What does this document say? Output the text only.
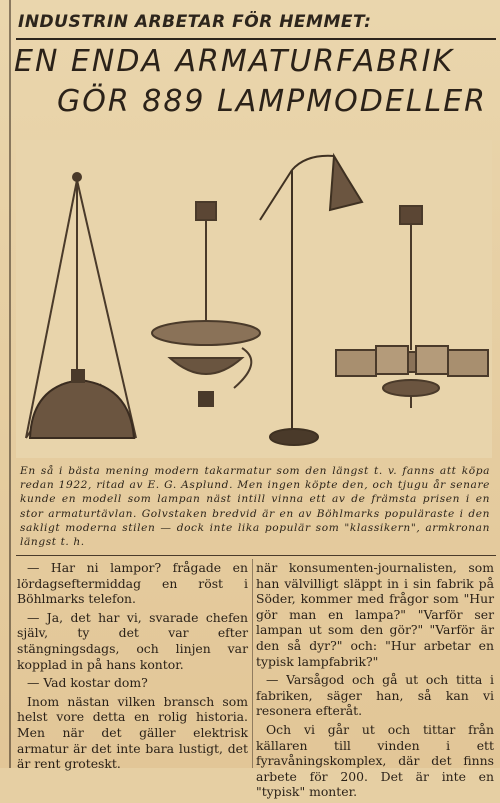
INDUSTRIN ARBETAR FÖR HEMMET:
EN ENDA ARMATURFABRIK
GÖR 889 LAMPMODELLER
En så i bästa mening modern takarmatur som den längst t. v. fanns att köpa redan 1922, ritad av E. G. Asplund. Men ingen köpte den, och tjugu år senare kunde en modell som lampan näst intill vinna ett av de främsta prisen i en stor armaturtävlan. Golvstaken bredvid är en av Böhlmarks populäraste i den sakligt moderna stilen — dock inte lika populär som "klassikern", armkronan längst t. h.

— Har ni lampor? frågade en lördagseftermiddag en röst i Böhlmarks telefon.

— Ja, det har vi, svarade chefen själv, ty det var efter stängningsdags, och linjen var kopplad in på hans kontor.

— Vad kostar dom?

Inom nästan vilken bransch som helst vore detta en rolig historia. Men när det gäller elektrisk armatur är det inte bara lustigt, det är rent groteskt.

när konsumenten-journalisten, som han välvilligt släppt in i sin fabrik på Söder, kommer med frågor som "Hur gör man en lampa?" "Varför ser lampan ut som den gör?" "Varför är den så dyr?" och: "Hur arbetar en typisk lampfabrik?"

— Varsågod och gå ut och titta i fabriken, säger han, så kan vi resonera efteråt.

Och vi går ut och tittar från källaren till vinden i ett fyravåningskomplex, där det finns arbete för 200. Det är inte en "typisk" monter.
